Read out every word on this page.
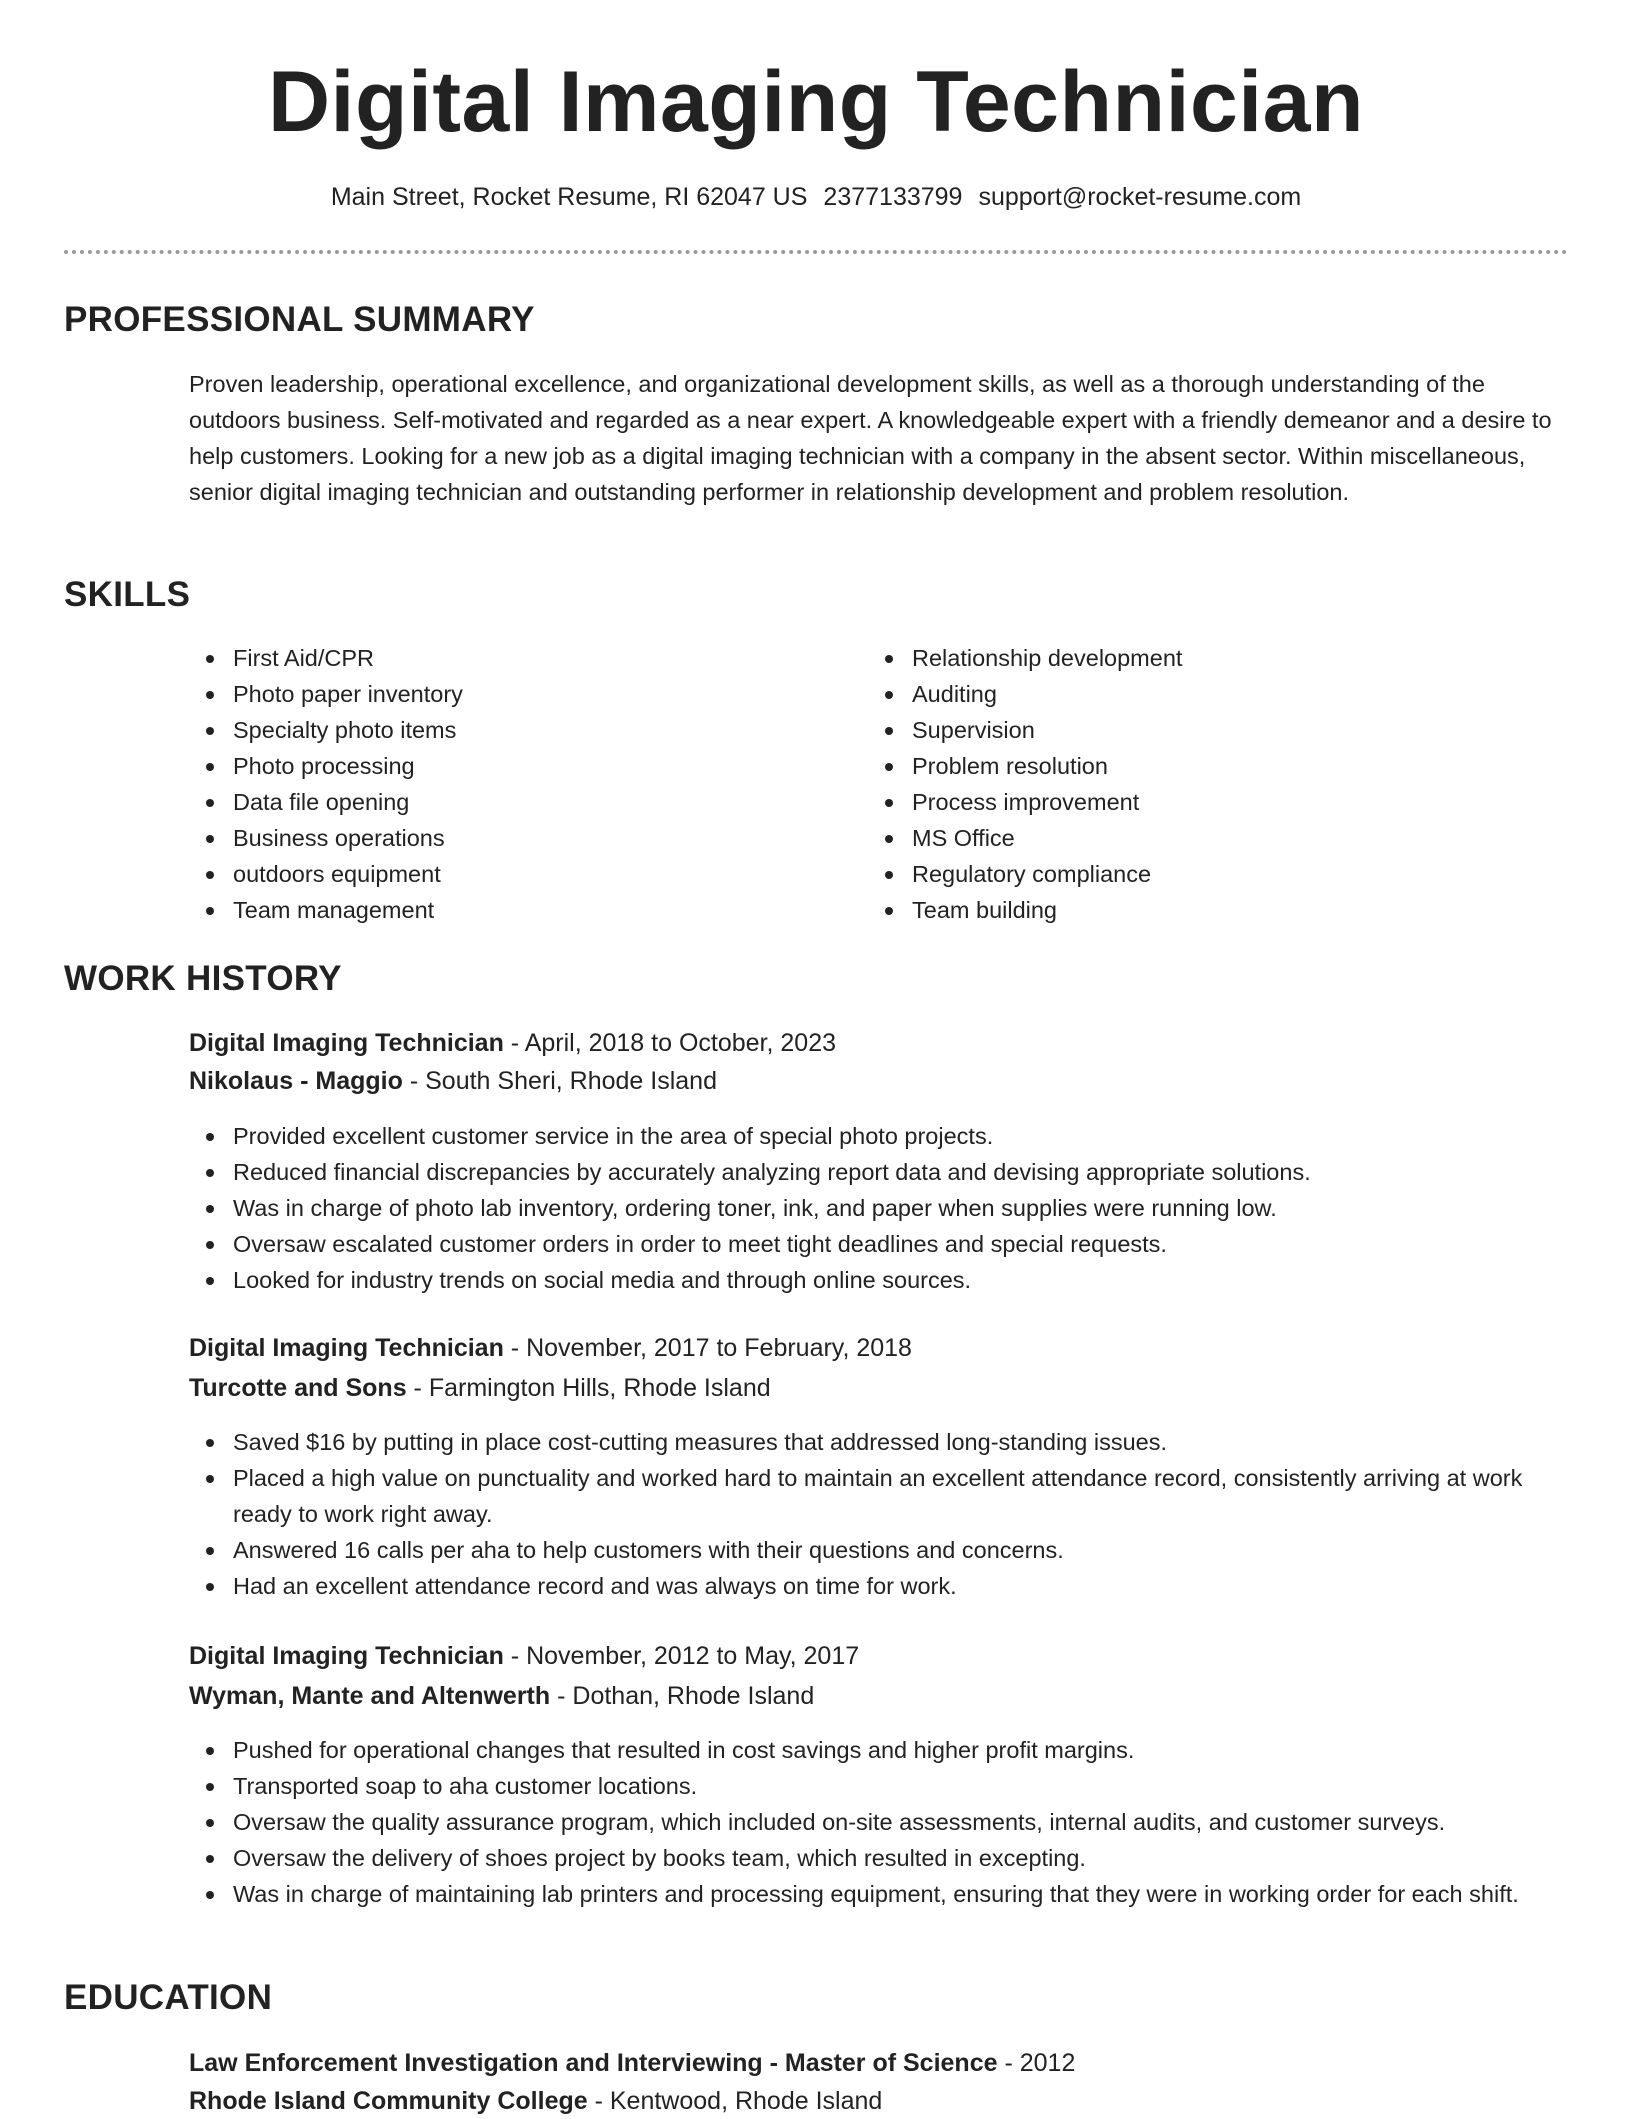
Digital Imaging Technician
Main Street, Rocket Resume, RI 62047 US 2377133799 support@rocket-resume.com
PROFESSIONAL SUMMARY
Proven leadership, operational excellence, and organizational development skills, as well as a thorough understanding of the outdoors business. Self-motivated and regarded as a near expert. A knowledgeable expert with a friendly demeanor and a desire to help customers. Looking for a new job as a digital imaging technician with a company in the absent sector. Within miscellaneous, senior digital imaging technician and outstanding performer in relationship development and problem resolution.
SKILLS
First Aid/CPR
Photo paper inventory
Specialty photo items
Photo processing
Data file opening
Business operations
outdoors equipment
Team management
Relationship development
Auditing
Supervision
Problem resolution
Process improvement
MS Office
Regulatory compliance
Team building
WORK HISTORY
Digital Imaging Technician - April, 2018 to October, 2023
Nikolaus - Maggio - South Sheri, Rhode Island
Provided excellent customer service in the area of special photo projects.
Reduced financial discrepancies by accurately analyzing report data and devising appropriate solutions.
Was in charge of photo lab inventory, ordering toner, ink, and paper when supplies were running low.
Oversaw escalated customer orders in order to meet tight deadlines and special requests.
Looked for industry trends on social media and through online sources.
Digital Imaging Technician - November, 2017 to February, 2018
Turcotte and Sons - Farmington Hills, Rhode Island
Saved $16 by putting in place cost-cutting measures that addressed long-standing issues.
Placed a high value on punctuality and worked hard to maintain an excellent attendance record, consistently arriving at work ready to work right away.
Answered 16 calls per aha to help customers with their questions and concerns.
Had an excellent attendance record and was always on time for work.
Digital Imaging Technician - November, 2012 to May, 2017
Wyman, Mante and Altenwerth - Dothan, Rhode Island
Pushed for operational changes that resulted in cost savings and higher profit margins.
Transported soap to aha customer locations.
Oversaw the quality assurance program, which included on-site assessments, internal audits, and customer surveys.
Oversaw the delivery of shoes project by books team, which resulted in excepting.
Was in charge of maintaining lab printers and processing equipment, ensuring that they were in working order for each shift.
EDUCATION
Law Enforcement Investigation and Interviewing - Master of Science - 2012
Rhode Island Community College - Kentwood, Rhode Island
